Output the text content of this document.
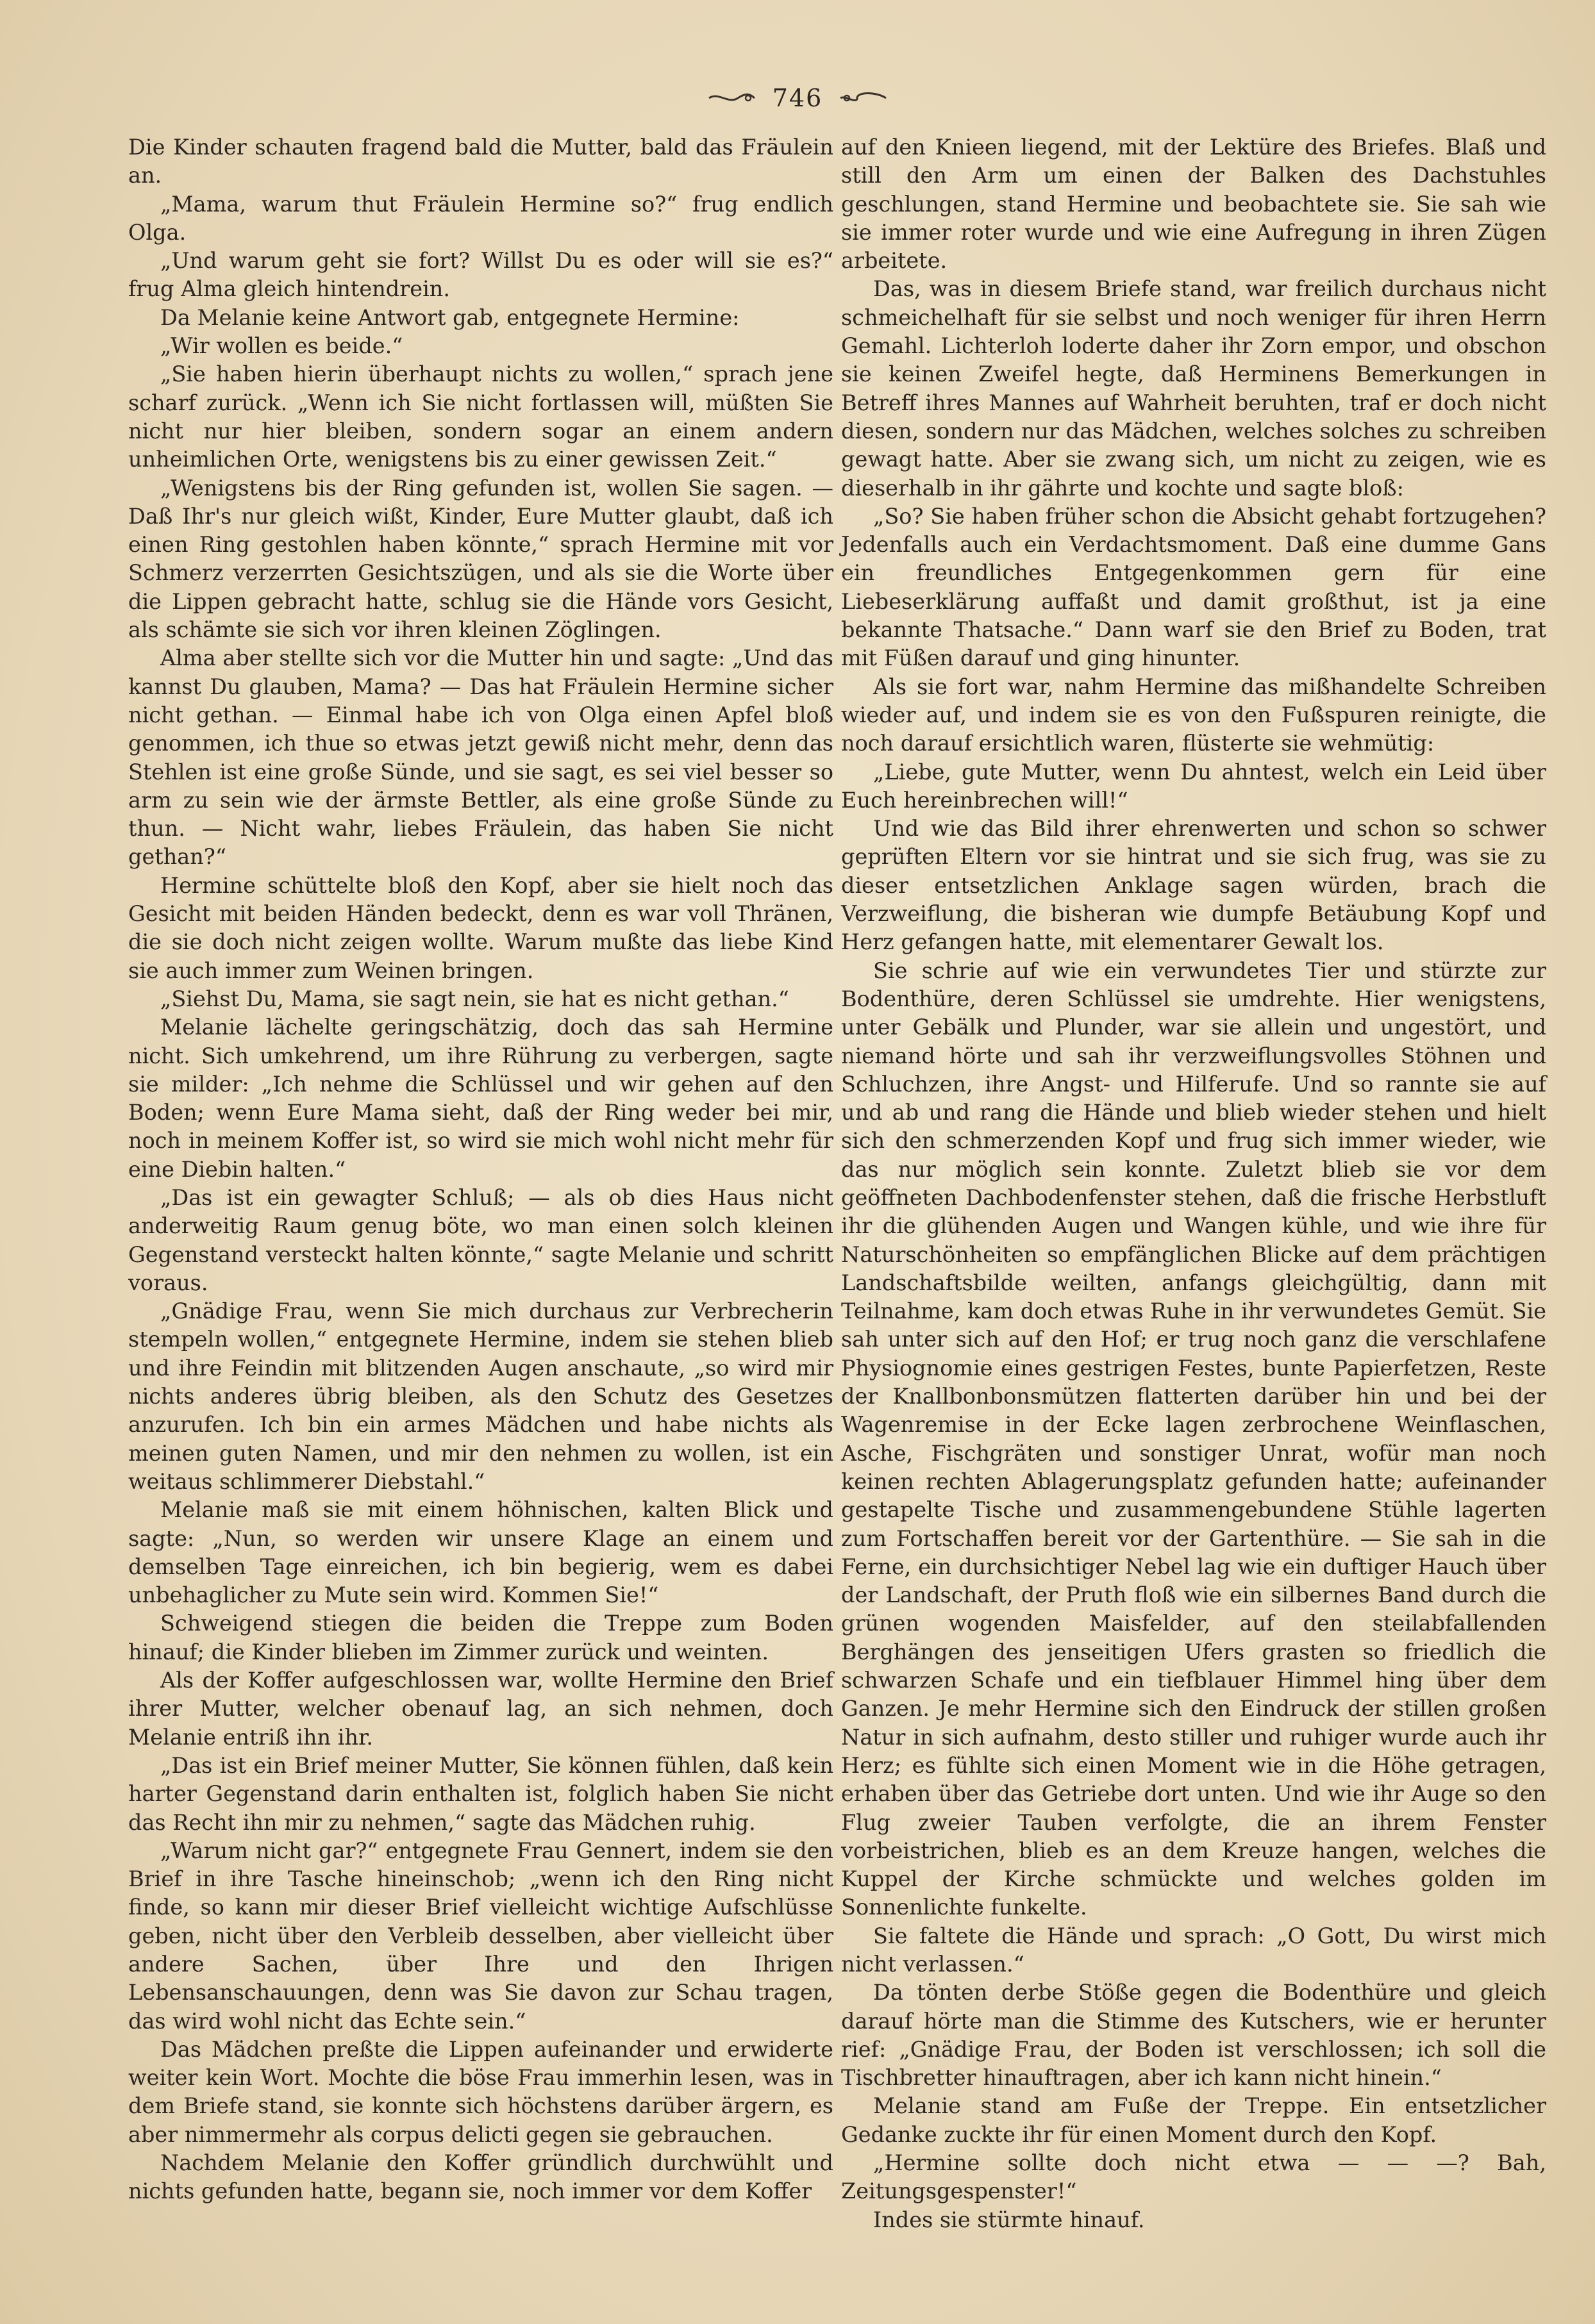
746

Die Kinder schauten fragend bald die Mutter, bald das Fräulein an.

„Mama, warum thut Fräulein Hermine so?“ frug endlich Olga.

„Und warum geht sie fort? Willst Du es oder will sie es?“ frug Alma gleich hintendrein.

Da Melanie keine Antwort gab, entgegnete Hermine:

„Wir wollen es beide.“

„Sie haben hierin überhaupt nichts zu wollen,“ sprach jene scharf zurück. „Wenn ich Sie nicht fortlassen will, müßten Sie nicht nur hier bleiben, sondern sogar an einem andern unheimlichen Orte, wenigstens bis zu einer gewissen Zeit.“

„Wenigstens bis der Ring gefunden ist, wollen Sie sagen. — Daß Ihr's nur gleich wißt, Kinder, Eure Mutter glaubt, daß ich einen Ring gestohlen haben könnte,“ sprach Hermine mit vor Schmerz verzerrten Gesichtszügen, und als sie die Worte über die Lippen gebracht hatte, schlug sie die Hände vors Gesicht, als schämte sie sich vor ihren kleinen Zöglingen.

Alma aber stellte sich vor die Mutter hin und sagte: „Und das kannst Du glauben, Mama? — Das hat Fräulein Hermine sicher nicht gethan. — Einmal habe ich von Olga einen Apfel bloß genommen, ich thue so etwas jetzt gewiß nicht mehr, denn das Stehlen ist eine große Sünde, und sie sagt, es sei viel besser so arm zu sein wie der ärmste Bettler, als eine große Sünde zu thun. — Nicht wahr, liebes Fräulein, das haben Sie nicht gethan?“

Hermine schüttelte bloß den Kopf, aber sie hielt noch das Gesicht mit beiden Händen bedeckt, denn es war voll Thränen, die sie doch nicht zeigen wollte. Warum mußte das liebe Kind sie auch immer zum Weinen bringen.

„Siehst Du, Mama, sie sagt nein, sie hat es nicht gethan.“

Melanie lächelte geringschätzig, doch das sah Hermine nicht. Sich umkehrend, um ihre Rührung zu verbergen, sagte sie milder: „Ich nehme die Schlüssel und wir gehen auf den Boden; wenn Eure Mama sieht, daß der Ring weder bei mir, noch in meinem Koffer ist, so wird sie mich wohl nicht mehr für eine Diebin halten.“

„Das ist ein gewagter Schluß; — als ob dies Haus nicht anderweitig Raum genug böte, wo man einen solch kleinen Gegenstand versteckt halten könnte,“ sagte Melanie und schritt voraus.

„Gnädige Frau, wenn Sie mich durchaus zur Verbrecherin stempeln wollen,“ entgegnete Hermine, indem sie stehen blieb und ihre Feindin mit blitzenden Augen anschaute, „so wird mir nichts anderes übrig bleiben, als den Schutz des Gesetzes anzurufen. Ich bin ein armes Mädchen und habe nichts als meinen guten Namen, und mir den nehmen zu wollen, ist ein weitaus schlimmerer Diebstahl.“

Melanie maß sie mit einem höhnischen, kalten Blick und sagte: „Nun, so werden wir unsere Klage an einem und demselben Tage einreichen, ich bin begierig, wem es dabei unbehaglicher zu Mute sein wird. Kommen Sie!“

Schweigend stiegen die beiden die Treppe zum Boden hinauf; die Kinder blieben im Zimmer zurück und weinten.

Als der Koffer aufgeschlossen war, wollte Hermine den Brief ihrer Mutter, welcher obenauf lag, an sich nehmen, doch Melanie entriß ihn ihr.

„Das ist ein Brief meiner Mutter, Sie können fühlen, daß kein harter Gegenstand darin enthalten ist, folglich haben Sie nicht das Recht ihn mir zu nehmen,“ sagte das Mädchen ruhig.

„Warum nicht gar?“ entgegnete Frau Gennert, indem sie den Brief in ihre Tasche hineinschob; „wenn ich den Ring nicht finde, so kann mir dieser Brief vielleicht wichtige Aufschlüsse geben, nicht über den Verbleib desselben, aber vielleicht über andere Sachen, über Ihre und den Ihrigen Lebensanschauungen, denn was Sie davon zur Schau tragen, das wird wohl nicht das Echte sein.“

Das Mädchen preßte die Lippen aufeinander und erwiderte weiter kein Wort. Mochte die böse Frau immerhin lesen, was in dem Briefe stand, sie konnte sich höchstens darüber ärgern, es aber nimmermehr als corpus delicti gegen sie gebrauchen.

Nachdem Melanie den Koffer gründlich durchwühlt und nichts gefunden hatte, begann sie, noch immer vor dem Koffer

auf den Knieen liegend, mit der Lektüre des Briefes. Blaß und still den Arm um einen der Balken des Dachstuhles geschlungen, stand Hermine und beobachtete sie. Sie sah wie sie immer roter wurde und wie eine Aufregung in ihren Zügen arbeitete.

Das, was in diesem Briefe stand, war freilich durchaus nicht schmeichelhaft für sie selbst und noch weniger für ihren Herrn Gemahl. Lichterloh loderte daher ihr Zorn empor, und obschon sie keinen Zweifel hegte, daß Herminens Bemerkungen in Betreff ihres Mannes auf Wahrheit beruhten, traf er doch nicht diesen, sondern nur das Mädchen, welches solches zu schreiben gewagt hatte. Aber sie zwang sich, um nicht zu zeigen, wie es dieserhalb in ihr gährte und kochte und sagte bloß:

„So? Sie haben früher schon die Absicht gehabt fortzugehen? Jedenfalls auch ein Verdachtsmoment. Daß eine dumme Gans ein freundliches Entgegenkommen gern für eine Liebeserklärung auffaßt und damit großthut, ist ja eine bekannte Thatsache.“ Dann warf sie den Brief zu Boden, trat mit Füßen darauf und ging hinunter.

Als sie fort war, nahm Hermine das mißhandelte Schreiben wieder auf, und indem sie es von den Fußspuren reinigte, die noch darauf ersichtlich waren, flüsterte sie wehmütig:

„Liebe, gute Mutter, wenn Du ahntest, welch ein Leid über Euch hereinbrechen will!“

Und wie das Bild ihrer ehrenwerten und schon so schwer geprüften Eltern vor sie hintrat und sie sich frug, was sie zu dieser entsetzlichen Anklage sagen würden, brach die Verzweiflung, die bisheran wie dumpfe Betäubung Kopf und Herz gefangen hatte, mit elementarer Gewalt los.

Sie schrie auf wie ein verwundetes Tier und stürzte zur Bodenthüre, deren Schlüssel sie umdrehte. Hier wenigstens, unter Gebälk und Plunder, war sie allein und ungestört, und niemand hörte und sah ihr verzweiflungsvolles Stöhnen und Schluchzen, ihre Angst- und Hilferufe. Und so rannte sie auf und ab und rang die Hände und blieb wieder stehen und hielt sich den schmerzenden Kopf und frug sich immer wieder, wie das nur möglich sein konnte. Zuletzt blieb sie vor dem geöffneten Dachbodenfenster stehen, daß die frische Herbstluft ihr die glühenden Augen und Wangen kühle, und wie ihre für Naturschönheiten so empfänglichen Blicke auf dem prächtigen Landschaftsbilde weilten, anfangs gleichgültig, dann mit Teilnahme, kam doch etwas Ruhe in ihr verwundetes Gemüt. Sie sah unter sich auf den Hof; er trug noch ganz die verschlafene Physiognomie eines gestrigen Festes, bunte Papierfetzen, Reste der Knallbonbonsmützen flatterten darüber hin und bei der Wagenremise in der Ecke lagen zerbrochene Weinflaschen, Asche, Fischgräten und sonstiger Unrat, wofür man noch keinen rechten Ablagerungsplatz gefunden hatte; aufeinander gestapelte Tische und zusammengebundene Stühle lagerten zum Fortschaffen bereit vor der Gartenthüre. — Sie sah in die Ferne, ein durchsichtiger Nebel lag wie ein duftiger Hauch über der Landschaft, der Pruth floß wie ein silbernes Band durch die grünen wogenden Maisfelder, auf den steilabfallenden Berghängen des jenseitigen Ufers grasten so friedlich die schwarzen Schafe und ein tiefblauer Himmel hing über dem Ganzen. Je mehr Hermine sich den Eindruck der stillen großen Natur in sich aufnahm, desto stiller und ruhiger wurde auch ihr Herz; es fühlte sich einen Moment wie in die Höhe getragen, erhaben über das Getriebe dort unten. Und wie ihr Auge so den Flug zweier Tauben verfolgte, die an ihrem Fenster vorbeistrichen, blieb es an dem Kreuze hangen, welches die Kuppel der Kirche schmückte und welches golden im Sonnenlichte funkelte.

Sie faltete die Hände und sprach: „O Gott, Du wirst mich nicht verlassen.“

Da tönten derbe Stöße gegen die Bodenthüre und gleich darauf hörte man die Stimme des Kutschers, wie er herunter rief: „Gnädige Frau, der Boden ist verschlossen; ich soll die Tischbretter hinauftragen, aber ich kann nicht hinein.“

Melanie stand am Fuße der Treppe. Ein entsetzlicher Gedanke zuckte ihr für einen Moment durch den Kopf.

„Hermine sollte doch nicht etwa — — —? Bah, Zeitungsgespenster!“

Indes sie stürmte hinauf.
